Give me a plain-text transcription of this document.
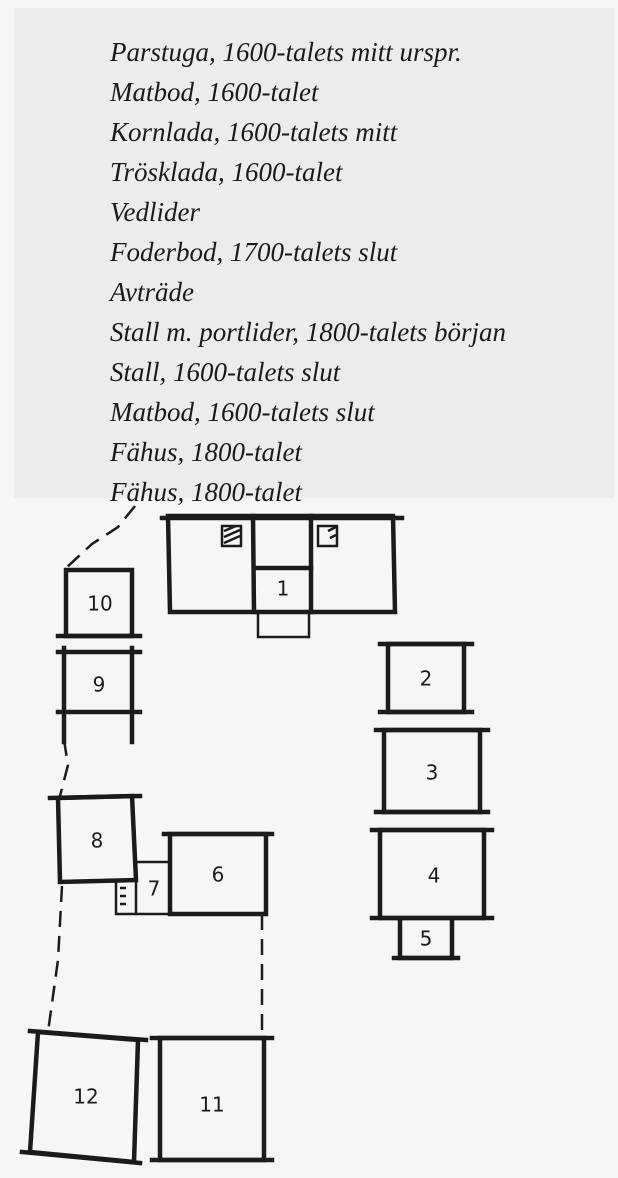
Parstuga, 1600-talets mitt urspr.
Matbod, 1600-talet
Kornlada, 1600-talets mitt
Trösklada, 1600-talet
Vedlider
Foderbod, 1700-talets slut
Avträde
Stall m. portlider, 1800-talets början
Stall, 1600-talets slut
Matbod, 1600-talets slut
Fähus, 1800-talet
Fähus, 1800-talet
1
10
9	2
3
4
5
8
7
6
12	11
